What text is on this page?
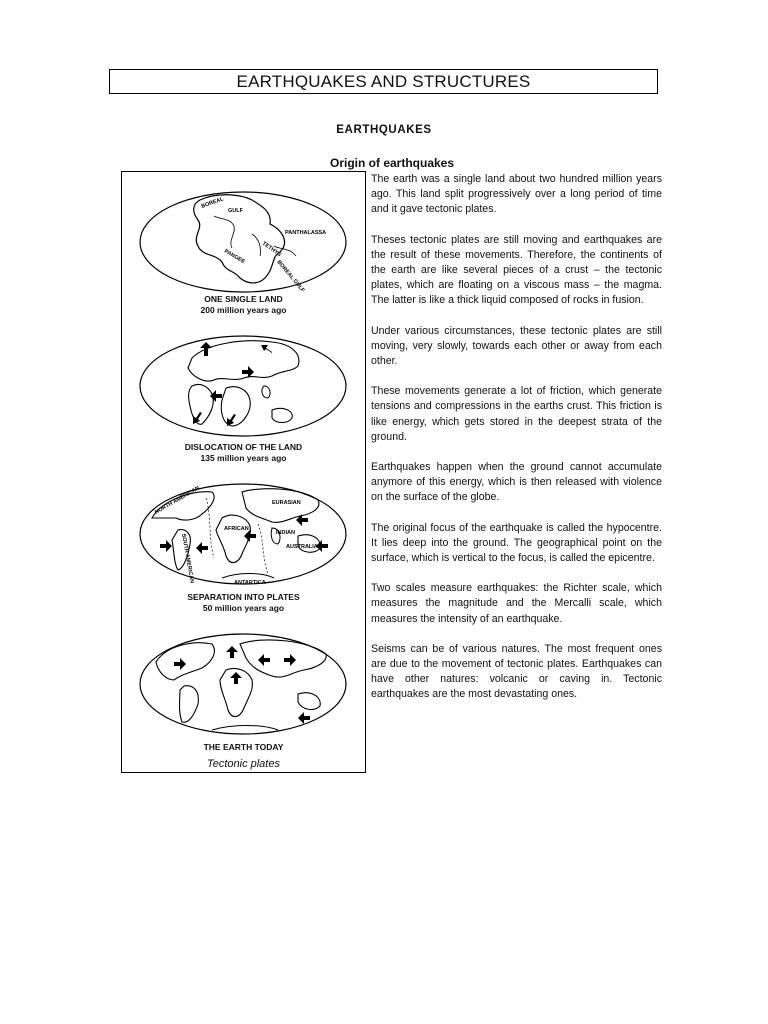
EARTHQUAKES AND STRUCTURES
EARTHQUAKES
Origin of earthquakes
BOREAL
GULF
PANTHALASSA
PANGEE	TETHYS
BOREAL GULF
ONE SINGLE LAND
200 million years ago
DISLOCATION OF THE LAND
135 million years ago
NORTH AMERICAN	EURASIAN
AFRICAN
SOUTH AMERICAN
INDIAN
AUSTRALIAN
ANTARTICA
SEPARATION INTO PLATES
50 million years ago
THE EARTH TODAY
Tectonic plates

The earth was a single land about two hundred million years ago. This land split progressively over a long period of time and it gave tectonic plates.

Theses tectonic plates are still moving and earthquakes are the result of these movements. Therefore, the continents of the earth are like several pieces of a crust – the tectonic plates, which are floating on a viscous mass – the magma. The latter is like a thick liquid composed of rocks in fusion.

Under various circumstances, these tectonic plates are still moving, very slowly, towards each other or away from each other.

These movements generate a lot of friction, which generate tensions and compressions in the earths crust. This friction is like energy, which gets stored in the deepest strata of the ground.

Earthquakes happen when the ground cannot accumulate anymore of this energy, which is then released with violence on the surface of the globe.

The original focus of the earthquake is called the hypocentre. It lies deep into the ground. The geographical point on the surface, which is vertical to the focus, is called the epicentre.

Two scales measure earthquakes: the Richter scale, which measures the magnitude and the Mercalli scale, which measures the intensity of an earthquake.

Seisms can be of various natures. The most frequent ones are due to the movement of tectonic plates. Earthquakes can have other natures: volcanic or caving in. Tectonic earthquakes are the most devastating ones.
